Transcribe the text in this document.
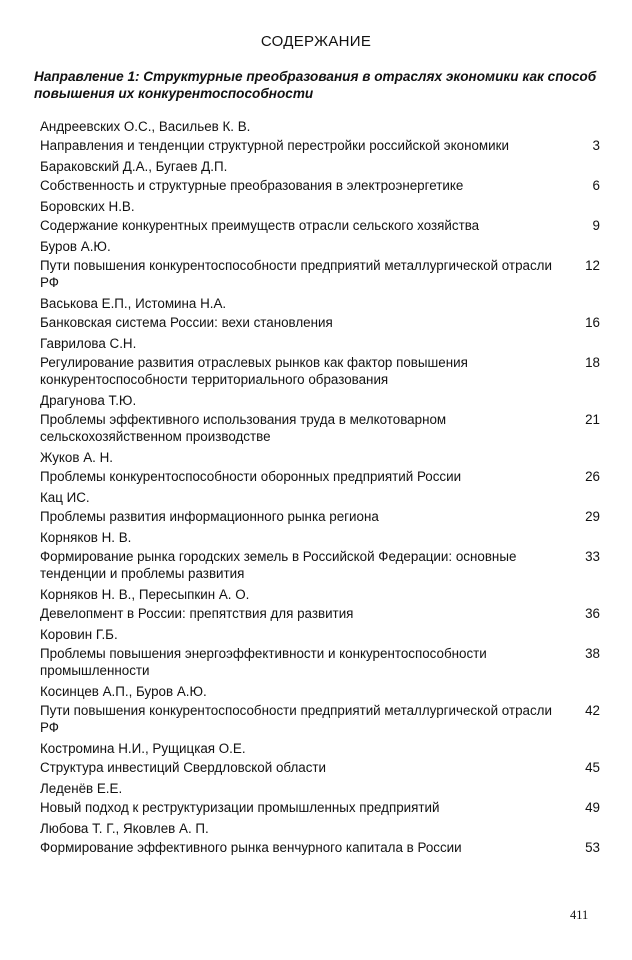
СОДЕРЖАНИЕ
Направление 1: Структурные преобразования в отраслях экономики как способ повышения их конкурентоспособности
Андреевских О.С., Васильев К. В.
Направления и тенденции структурной перестройки российской экономики	3
Бараковский Д.А., Бугаев Д.П.
Собственность и структурные преобразования в электроэнергетике	6
Боровских Н.В.
Содержание конкурентных преимуществ отрасли сельского хозяйства	9
Буров А.Ю.
Пути повышения конкурентоспособности предприятий металлургической отрасли РФ
12
Васькова Е.П., Истомина Н.А.
Банковская система России: вехи становления	16
Гаврилова С.Н.
Регулирование развития отраслевых рынков как фактор повышения конкурентоспособности территориального образования
18
Драгунова Т.Ю.
Проблемы эффективного использования труда в мелкотоварном сельскохозяйственном производстве
21
Жуков А. Н.
Проблемы конкурентоспособности оборонных предприятий России	26
Кац ИС.
Проблемы развития информационного рынка региона	29
Корняков Н. В.
Формирование рынка городских земель в Российской Федерации: основные тенденции и проблемы развития
33
Корняков Н. В., Пересыпкин А. О.
Девелопмент в России: препятствия для развития	36
Коровин Г.Б.
Проблемы повышения энергоэффективности и конкурентоспособности промышленности
38
Косинцев А.П., Буров А.Ю.
Пути повышения конкурентоспособности предприятий металлургической отрасли РФ
42
Костромина Н.И., Рущицкая О.Е.
Структура инвестиций Свердловской области	45
Леденёв Е.Е.
Новый подход к реструктуризации промышленных предприятий	49
Любова Т. Г., Яковлев А. П.
Формирование эффективного рынка венчурного капитала в России	53
411
